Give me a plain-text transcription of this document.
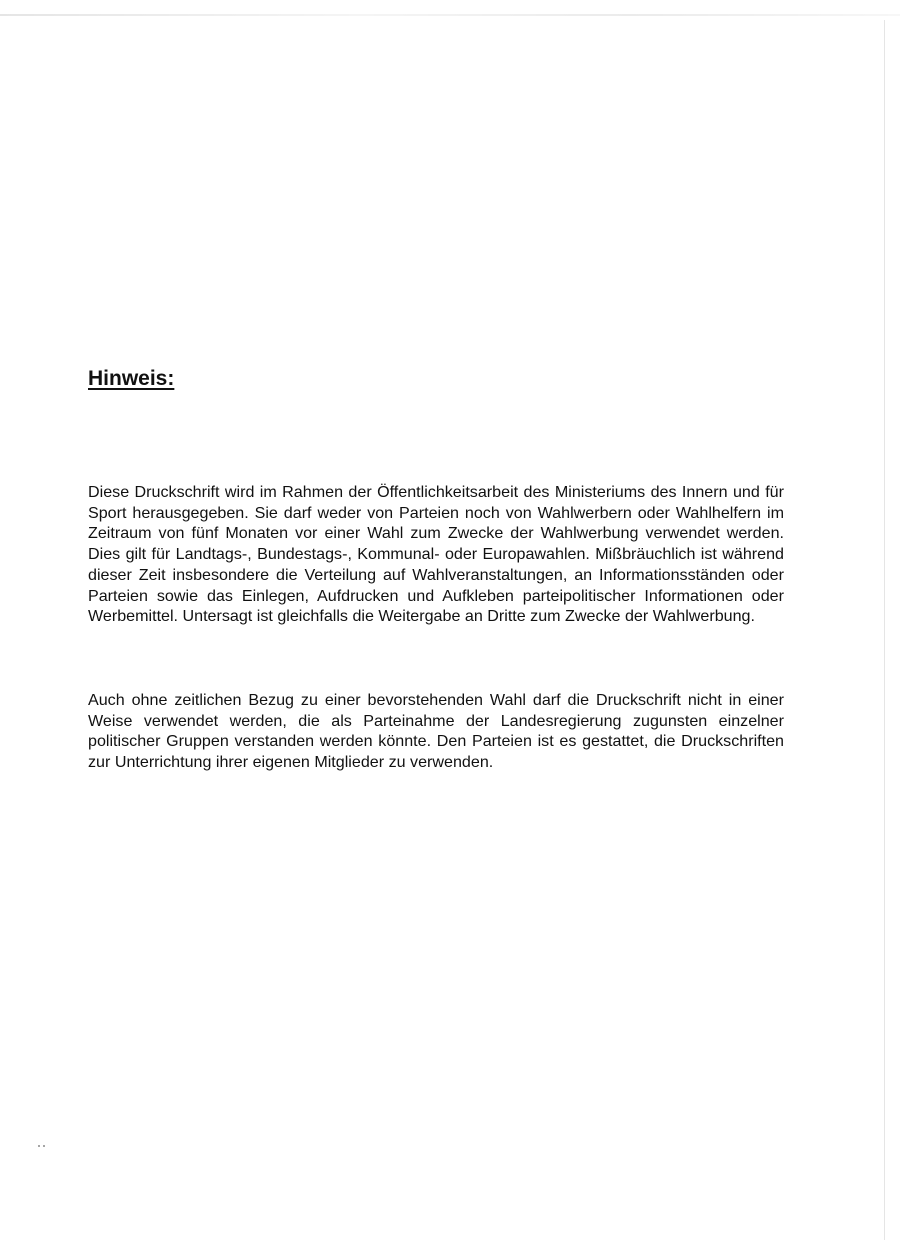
Hinweis:

Diese Druckschrift wird im Rahmen der Öffentlichkeitsarbeit des Ministeriums des Innern und für Sport herausgegeben. Sie darf weder von Parteien noch von Wahlwerbern oder Wahlhelfern im Zeitraum von fünf Monaten vor einer Wahl zum Zwecke der Wahlwerbung verwendet werden. Dies gilt für Landtags-, Bundestags-, Kommunal- oder Europawahlen. Mißbräuchlich ist während dieser Zeit insbesondere die Verteilung auf Wahlveranstaltungen, an Informationsständen oder Parteien sowie das Einlegen, Aufdrucken und Aufkleben parteipolitischer Informationen oder Werbemittel. Untersagt ist gleichfalls die Weitergabe an Dritte zum Zwecke der Wahlwerbung.

Auch ohne zeitlichen Bezug zu einer bevorstehenden Wahl darf die Druckschrift nicht in einer Weise verwendet werden, die als Parteinahme der Landesregierung zugunsten einzelner politischer Gruppen verstanden werden könnte. Den Parteien ist es gestattet, die Druckschriften zur Unterrichtung ihrer eigenen Mitglieder zu verwenden.
